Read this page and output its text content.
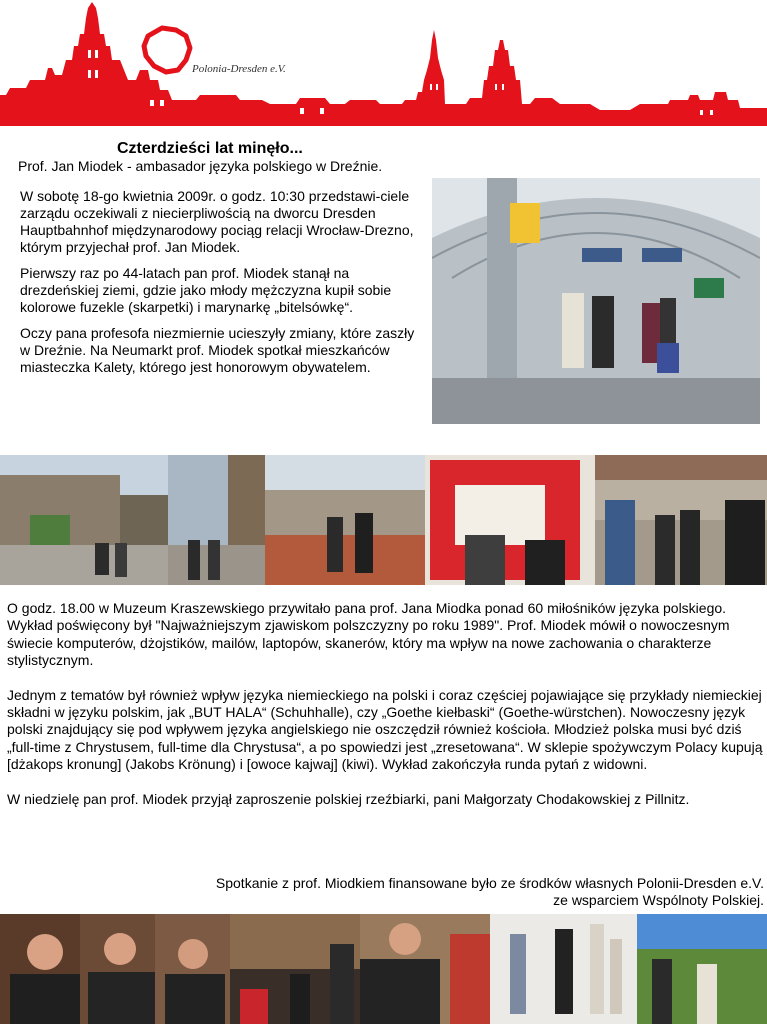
Polonia-Dresden e.V.
Czterdzieści lat minęło...
Prof. Jan Miodek - ambasador języka polskiego w Dreźnie.

W sobotę 18-go kwietnia 2009r. o godz. 10:30 przedstawi-ciele zarządu oczekiwali z niecierpliwością na dworcu Dresden Hauptbahnhof międzynarodowy pociąg relacji Wrocław-Drezno, którym przyjechał prof. Jan Miodek.

Pierwszy raz po 44-latach pan prof. Miodek stanął na drezdeńskiej ziemi, gdzie jako młody mężczyzna kupił sobie kolorowe fuzekle (skarpetki) i marynarkę „bitelsówkę“.

Oczy pana profesofa niezmiernie ucieszyły zmiany, które zaszły w Dreźnie. Na Neumarkt prof. Miodek spotkał mieszkańców miasteczka Kalety, którego jest honorowym obywatelem.

O godz. 18.00 w Muzeum Kraszewskiego przywitało pana prof. Jana Miodka ponad 60 miłośników języka polskiego. Wykład poświęcony był "Najważniejszym zjawiskom polszczyzny po roku 1989". Prof. Miodek mówił o nowoczesnym świecie komputerów, dżojstików, mailów, laptopów, skanerów, który ma wpływ na nowe zachowania o charakterze stylistycznym.

Jednym z tematów był również wpływ języka niemieckiego na polski i coraz częściej pojawiające się przykłady niemieckiej składni w języku polskim, jak „BUT HALA“ (Schuhhalle), czy „Goethe kiełbaski“ (Goethe-würstchen). Nowoczesny język polski znajdujący się pod wpływem języka angielskiego nie oszczędził również kościoła. Młodzież polska musi być dziś „full-time z Chrystusem, full-time dla Chrystusa“, a po spowiedzi jest „zresetowana“. W sklepie spożywczym Polacy kupują [dżakops kronung] (Jakobs Krönung) i [owoce kajwaj] (kiwi). Wykład zakończyła runda pytań z widowni.

W niedzielę pan prof. Miodek przyjął zaproszenie polskiej rzeźbiarki, pani Małgorzaty Chodakowskiej z Pillnitz.

Spotkanie z prof. Miodkiem finansowane było ze środków własnych Polonii-Dresden e.V.
ze wsparciem Wspólnoty Polskiej.
